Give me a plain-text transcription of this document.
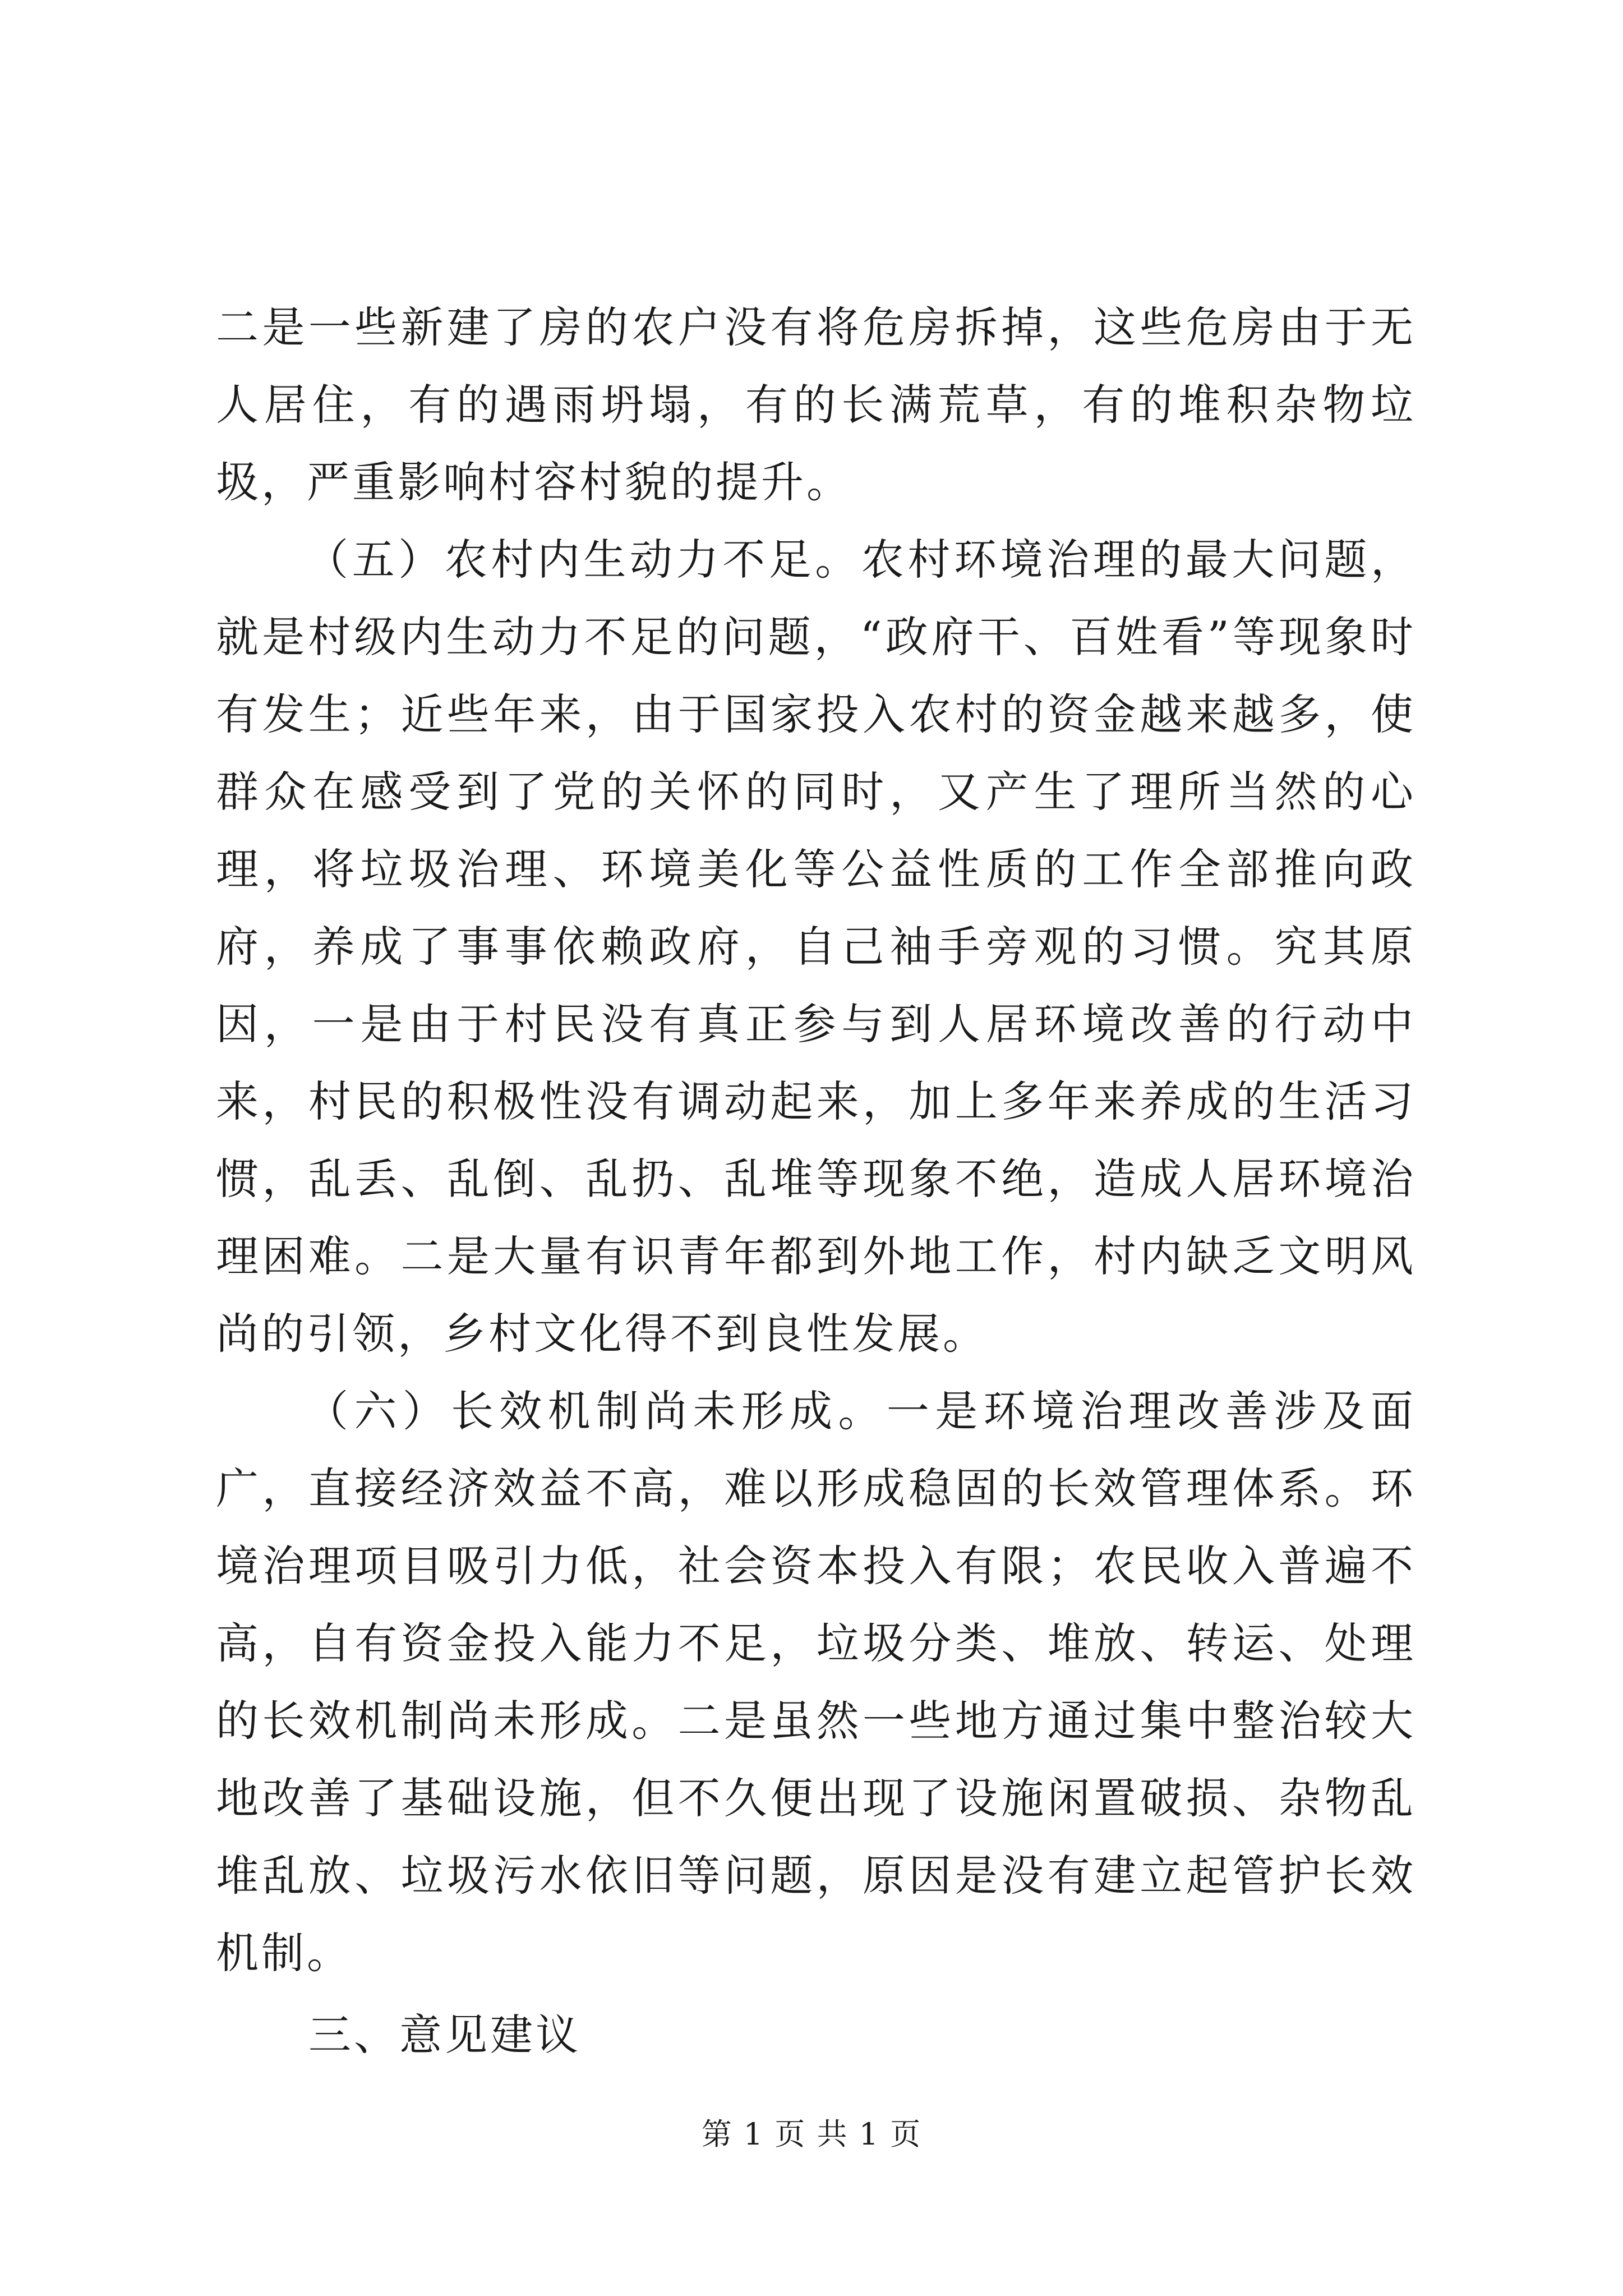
二是一些新建了房的农户没有将危房拆掉，这些危房由于无人居住，有的遇雨坍塌，有的长满荒草，有的堆积杂物垃圾，严重影响村容村貌的提升。

（五）农村内生动力不足。农村环境治理的最大问题，就是村级内生动力不足的问题，“政府干、百姓看”等现象时有发生；近些年来，由于国家投入农村的资金越来越多，使群众在感受到了党的关怀的同时，又产生了理所当然的心理，将垃圾治理、环境美化等公益性质的工作全部推向政府，养成了事事依赖政府，自己袖手旁观的习惯。究其原因，一是由于村民没有真正参与到人居环境改善的行动中来，村民的积极性没有调动起来，加上多年来养成的生活习惯，乱丢、乱倒、乱扔、乱堆等现象不绝，造成人居环境治理困难。二是大量有识青年都到外地工作，村内缺乏文明风尚的引领，乡村文化得不到良性发展。

（六）长效机制尚未形成。一是环境治理改善涉及面广，直接经济效益不高，难以形成稳固的长效管理体系。环境治理项目吸引力低，社会资本投入有限；农民收入普遍不高，自有资金投入能力不足，垃圾分类、堆放、转运、处理的长效机制尚未形成。二是虽然一些地方通过集中整治较大地改善了基础设施，但不久便出现了设施闲置破损、杂物乱堆乱放、垃圾污水依旧等问题，原因是没有建立起管护长效机制。

三、意见建议

第 1 页 共 1 页
